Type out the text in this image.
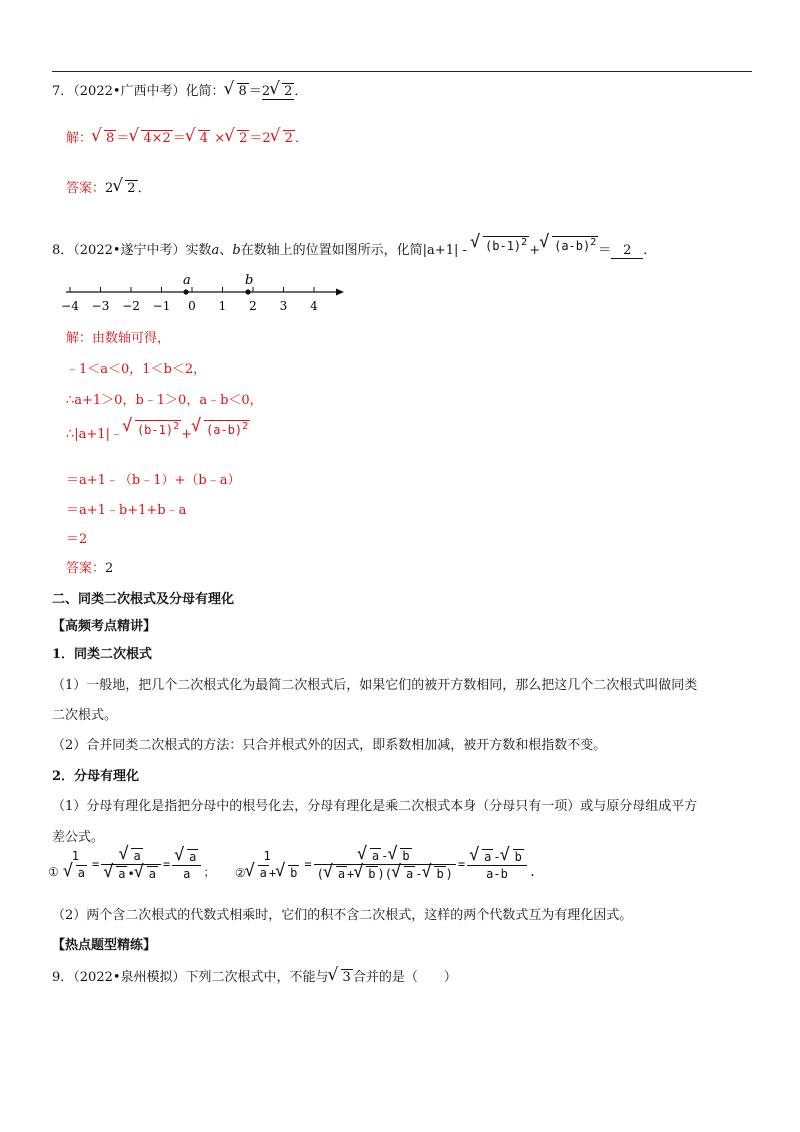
7．（2022•广西中考）化简：√ 8 ＝2√ 2 ．
解：√ 8 ＝√ 4×2 ＝√ 4 ×√ 2 ＝2√ 2 ．
答案：2√ 2 ．
8．（2022•遂宁中考）实数a、b在数轴上的位置如图所示，化简|a+1| - √ $(b-1)^2+√$ $(a-b)^2= 2$ ．
−4 −3 −2 −1 0 1 2 3 4
a	b
解：由数轴可得，
﹣1＜a＜0，1＜b＜2，
∴a+1＞0，b﹣1＞0，a﹣b＜0，
∴|a+1|﹣√ $(b-1)^2+√$ $(a-b)^2$
＝a+1﹣（b﹣1）+（b﹣a）
＝a+1﹣b+1+b﹣a
＝2
答案：2
二、同类二次根式及分母有理化
【高频考点精讲】
1．同类二次根式
（1）一般地，把几个二次根式化为最简二次根式后，如果它们的被开方数相同，那么把这几个二次根式叫做同类
二次根式。
（2）合并同类二次根式的方法：只合并根式外的因式，即系数相加减，被开方数和根指数不变。
2．分母有理化
（1）分母有理化是指把分母中的根号化去，分母有理化是乘二次根式本身（分母只有一项）或与原分母组成平方
差公式。
①
1
√ a
=
√ a
√ a •√ a =
√ $\frac{a}{a}$ ；
1
②√ a +√ b
=
√ $\frac{a -√ b}{(√ a +√ b )(√ a -√ b )}$ =
√ $\frac{a -√ b}{a-b}$ .
（2）两个含二次根式的代数式相乘时，它们的积不含二次根式，这样的两个代数式互为有理化因式。
【热点题型精练】
9．（2022•泉州模拟）下列二次根式中，不能与√ 3 合并的是（　　）
